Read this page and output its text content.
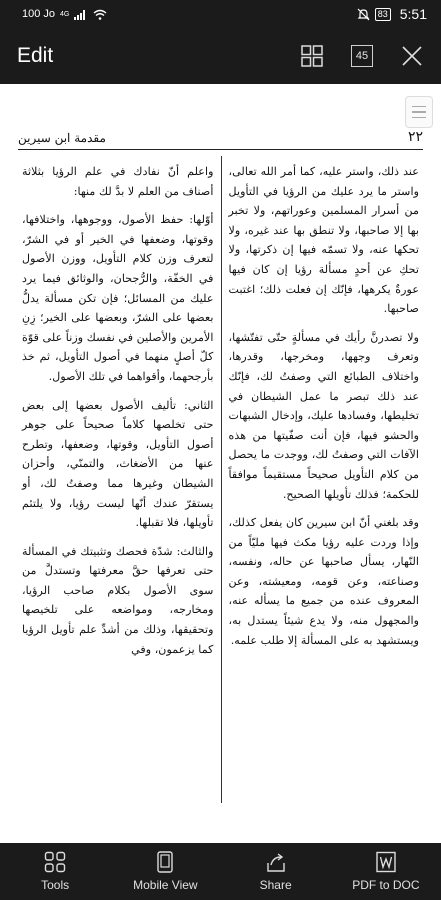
100 Jo 4G	83 5:51
Edit	45
مقدمة ابن سيرين	٢٢

عند ذلك، واستر عليه، كما أمر الله تعالى، واستر ما يرد عليك من الرؤيا في التأويل من أسرار المسلمين وعوراتهم، ولا تخبر بها إلا صاحبها، ولا تنطق بها عند غيره، ولا تحكها عنه، ولا تسمّه فيها إن ذكرتها، ولا تحكِ عن أحدٍ مسألة رؤيا إن كان فيها عورةٌ يكرهها، فإنّك إن فعلت ذلك؛ اغتبت صاحبها.

ولا تصدرنَّ رأيك في مسألةٍ حتّى تفتّشها، وتعرف وجهها، ومخرجها، وقدرها، واختلاف الطبائع التي وصفتُ لك، فإنّك عند ذلك تبصر ما عمل الشيطان في تخليطها، وفسادها عليك، وإدخال الشبهات والحشو فيها، فإن أنت صفّيتها من هذه الآفات التي وصفتُ لك، ووجدت ما يحصل من كلام التأويل صحيحاً مستقيماً موافقاً للحكمة؛ فذلك تأويلها الصحيح.

وقد بلغني أنّ ابن سيرين كان يفعل كذلك، وإذا وردت عليه رؤيا مكث فيها مليّاً من النّهار، يسأل صاحبها عن حاله، ونفسه، وصناعته، وعن قومه، ومعيشته، وعن المعروف عنده من جميع ما يسأله عنه، والمجهول منه، ولا يدع شيئاً يستدل به، ويستشهد به على المسألة إلا طلب علمه.

واعلم أنّ نفادك في علم الرؤيا بثلاثة أصناف من العلم لا بدَّ لك منها:

أوّلها: حفظ الأصول، ووجوهها، واختلافها، وقوتها، وضعفها في الخير أو في الشرّ، لتعرف وزن كلام التأويل، ووزن الأصول في الخفّة، والرُّجحان، والوثائق فيما يرد عليك من المسائل؛ فإن تكن مسألة يدلُّ بعضها على الشرّ، وبعضها على الخير؛ زِنِ الأمرين والأصلين في نفسك وزناً على قوّة كلّ أصلٍ منهما في أصول التأويل، ثم خذ بأرجحهما، وأقواهما في تلك الأصول.

الثاني: تأليف الأصول بعضها إلى بعض حتى تخلصها كلاماً صحيحاً على جوهر أصول التأويل، وقوتها، وضعفها، وتطرح عنها من الأضغاث، والتمنّي، وأحزان الشيطان وغيرها مما وصفتُ لك، أو يستقرّ عندك أنّها ليست رؤيا، ولا يلتئم تأويلها، فلا تقبلها.

والثالث: شدّة فحصك وتثبيتك في المسألة حتى تعرفها حقَّ معرفتها وتستدلَّ من سوى الأصول بكلام صاحب الرؤيا، ومخارجه، ومواضعه على تلخيصها وتحقيقها، وذلك من أشدِّ علم تأويل الرؤيا كما يزعمون، وفي

Tools	Mobile View	Share	PDF to DOC
